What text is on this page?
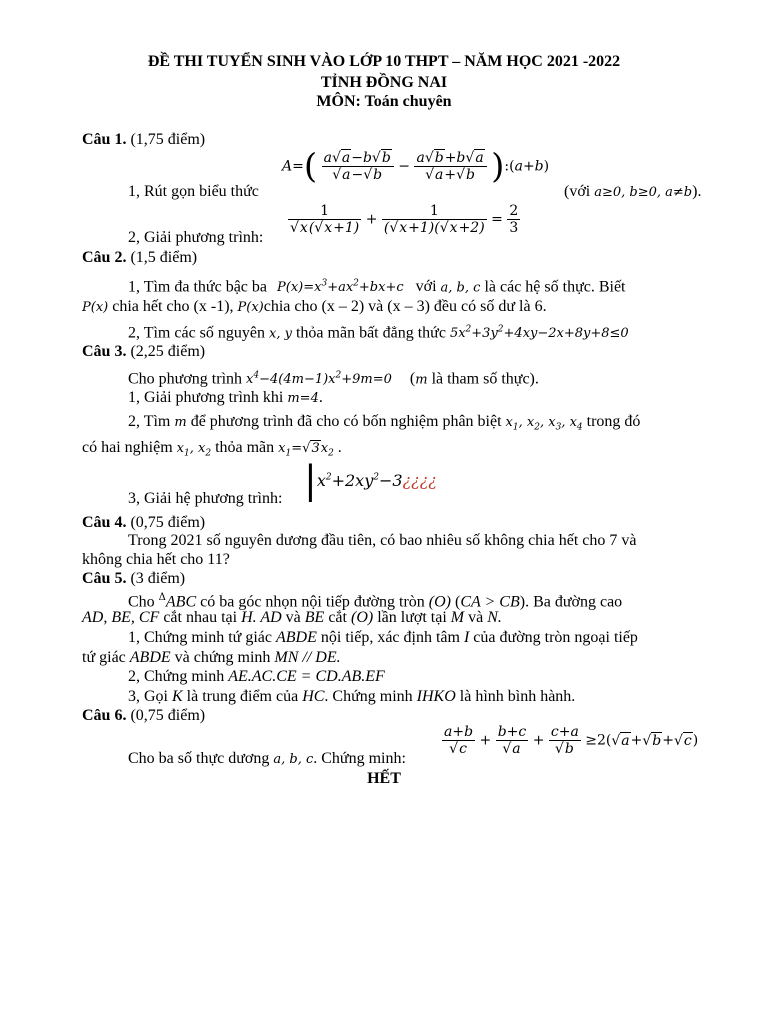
ĐỀ THI TUYỂN SINH VÀO LỚP 10 THPT – NĂM HỌC 2021 -2022
TỈNH ĐỒNG NAI
MÔN: Toán chuyên
Câu 1. (1,75 điểm)
1, Rút gọn biểu thức
$A=( \frac{a√a-b√b}{√a-√b} - \frac{a√b+b√a}{√a+√b}$ ):(a+b)
(với a≥0, b≥0, a≠b).
2, Giải phương trình:
$\frac{1}{√x(√x+1)} + \frac{1}{(√x+1)(√x+2)} = \frac{2}{3}$
Câu 2. (1,5 điểm)
1, Tìm đa thức bậc ba $P(x)=x^3+ax^2+bx+c$ với a, b, c là các hệ số thực. Biết
P(x) chia hết cho (x -1), P(x)chia cho (x – 2) và (x – 3) đều có số dư là 6.
2, Tìm các số nguyên x, y thỏa mãn bất đẳng thức $5x^2+3y^2+4xy-2x+8y+8\le 0$
Câu 3. (2,25 điểm)
Cho phương trình $x^4-4(4m-1)x^2+9m=0$ (m là tham số thực).
1, Giải phương trình khi m=4.
2, Tìm m để phương trình đã cho có bốn nghiệm phân biệt $x_1$, $x_2$, $x_3$, $x_4$ trong đó
có hai nghiệm $x_1$, $x_2$ thỏa mãn $x_1=√3x_2$ .
3, Giải hệ phương trình: $|x^2+2xy^2-3¿¿¿¿$
Câu 4. (0,75 điểm)
Trong 2021 số nguyên dương đầu tiên, có bao nhiêu số không chia hết cho 7 và
không chia hết cho 11?
Câu 5. (3 điểm)
Cho $^\Delta$ABC có ba góc nhọn nội tiếp đường tròn (O) (CA > CB). Ba đường cao
AD, BE, CF cắt nhau tại H. AD và BE cắt (O) lần lượt tại M và N.
1, Chứng minh tứ giác ABDE nội tiếp, xác định tâm I của đường tròn ngoại tiếp
tứ giác ABDE và chứng minh MN // DE.
2, Chứng minh AE.AC.CE = CD.AB.EF
3, Gọi K là trung điểm của HC. Chứng minh IHKO là hình bình hành.
Câu 6. (0,75 điểm)
Cho ba số thực dương a, b, c. Chứng minh:
$\frac{a+b}{√c} + \frac{b+c}{√a} + \frac{c+a}{√b} \ge 2(√a+√b+√c)$
HẾT
